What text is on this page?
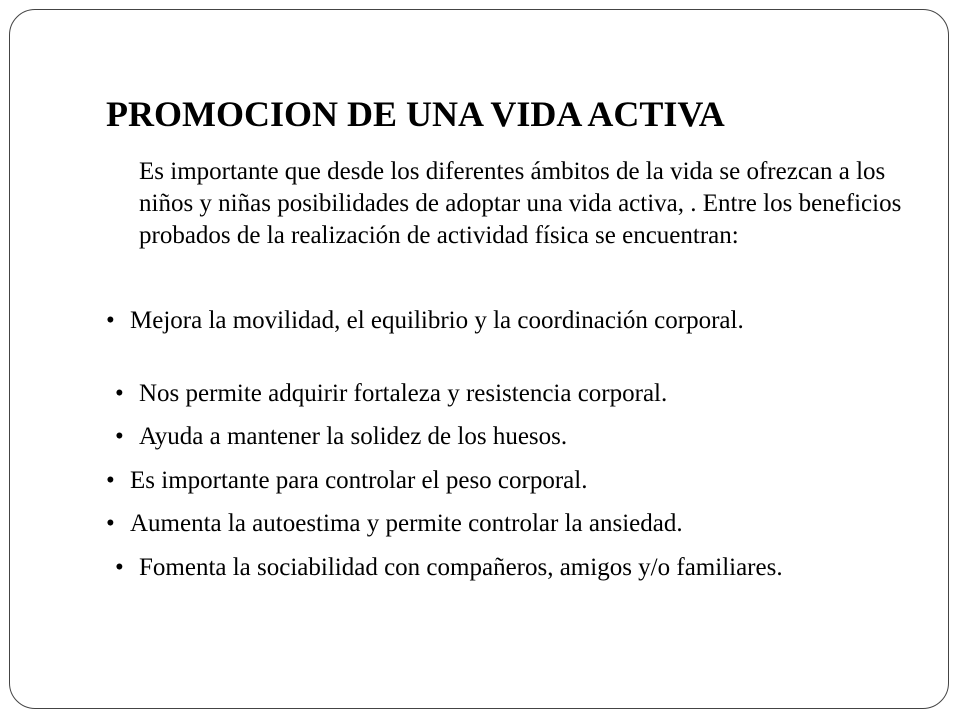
PROMOCION DE UNA VIDA ACTIVA

Es importante que desde los diferentes ámbitos de la vida se ofrezcan a los niños y niñas posibilidades de adoptar una vida activa, . Entre los beneficios probados de la realización de actividad física se encuentran:

• Mejora la movilidad, el equilibrio y la coordinación corporal.
• Nos permite adquirir fortaleza y resistencia corporal.
• Ayuda a mantener la solidez de los huesos.
• Es importante para controlar el peso corporal.
• Aumenta la autoestima y permite controlar la ansiedad.
• Fomenta la sociabilidad con compañeros, amigos y/o familiares.
